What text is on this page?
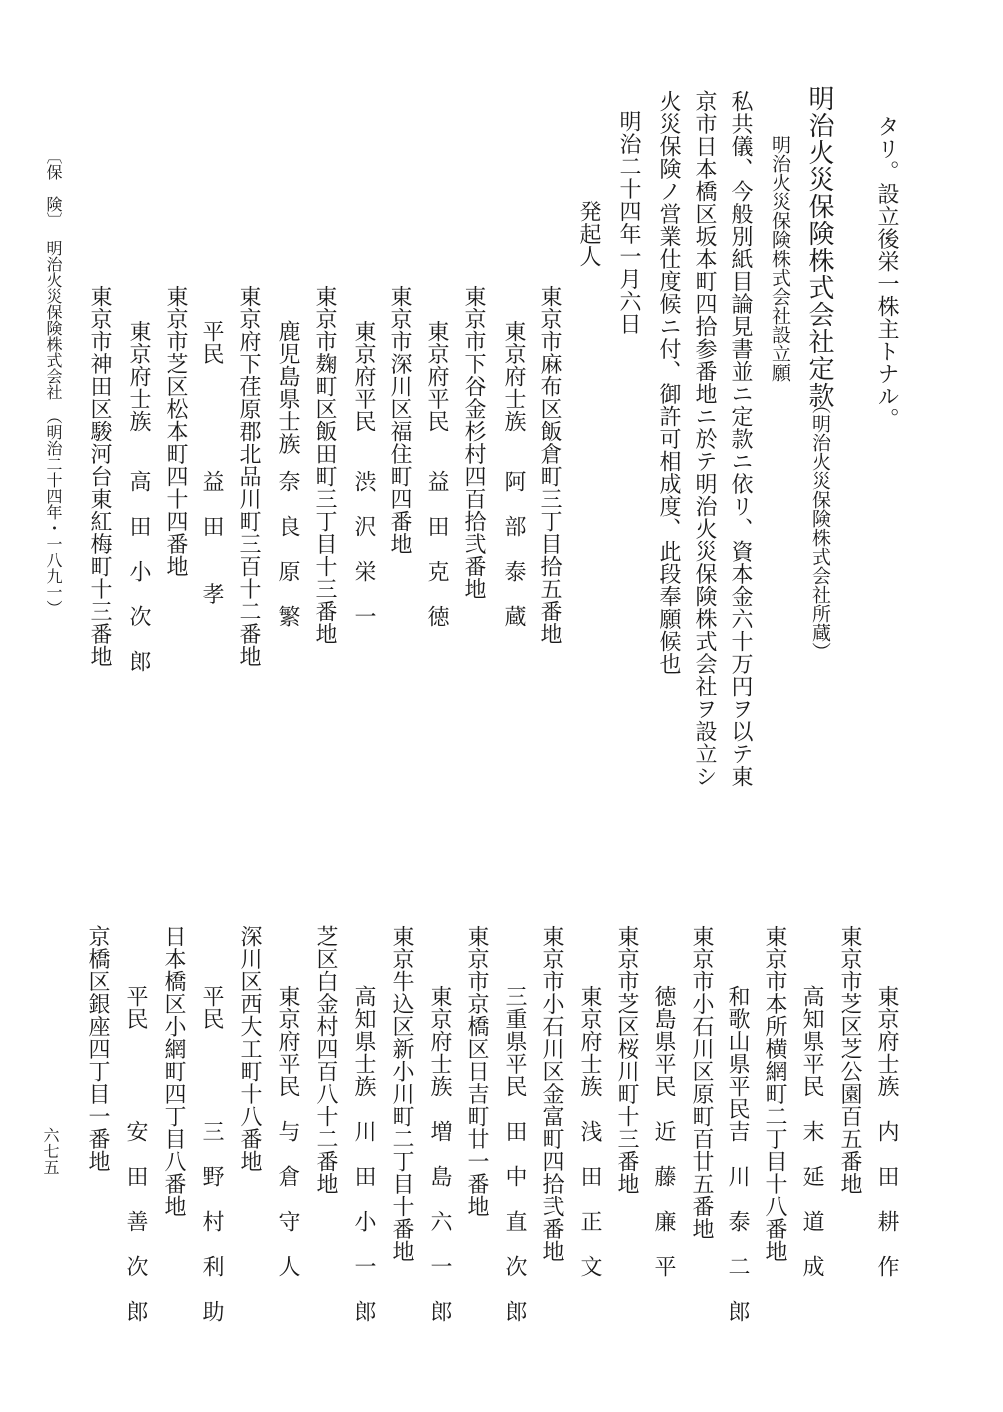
タリ。設立後栄一株主トナル。
明治火災保険株式会社定款
（明治火災保険株式会社所蔵）
明治火災保険株式会社設立願
私共儀、今般別紙目論見書並ニ定款ニ依リ、資本金六十万円ヲ以テ東
京市日本橋区坂本町四拾参番地ニ於テ明治火災保険株式会社ヲ設立シ
火災保険ノ営業仕度候ニ付、御許可相成度、此段奉願候也
明治二十四年一月六日
発起人
東京市麻布区飯倉町三丁目拾五番地
東京府士族
阿　部　泰　蔵
東京市下谷金杉村四百拾弐番地
東京府平民
益　田　克　徳
東京市深川区福住町四番地
東京府平民
渋　沢　栄　一
東京市麹町区飯田町三丁目十三番地
鹿児島県士族
奈　良　原　繁
東京府下荏原郡北品川町三百十二番地
平民
益　田　　孝
東京市芝区松本町四十四番地
東京府士族
高　田　小　次　郎
東京市神田区駿河台東紅梅町十三番地
〔保　険〕
明治火災保険株式会社　（明治二十四年・一八九一）
東京府士族
内　田　耕　作
東京市芝区芝公園百五番地
高知県平民
末　延　道　成
東京市本所横網町二丁目十八番地
和歌山県平民
吉　川　泰　二　郎
東京市小石川区原町百廿五番地
徳島県平民
近　藤　廉　平
東京市芝区桜川町十三番地
東京府士族
浅　田　正　文
東京市小石川区金富町四拾弐番地
三重県平民
田　中　直　次　郎
東京市京橋区日吉町廿一番地
東京府士族
増　島　六　一　郎
東京牛込区新小川町二丁目十番地
高知県士族
川　田　小　一　郎
芝区白金村四百八十二番地
東京府平民
与　倉　守　人
深川区西大工町十八番地
平民
三　野　村　利　助
日本橋区小網町四丁目八番地
平民
安　田　善　次　郎
京橋区銀座四丁目一番地
六七五
